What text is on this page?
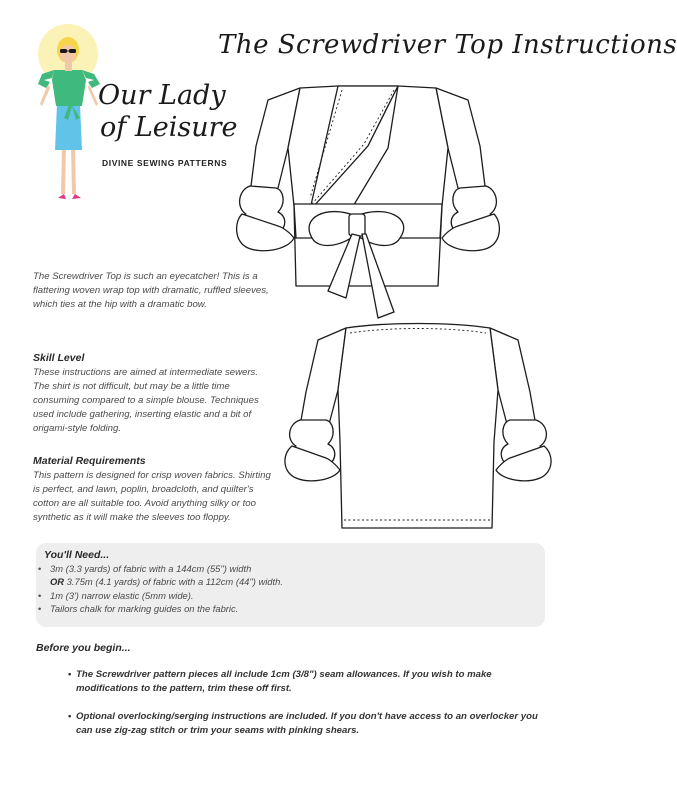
Our Lady
of Leisure
DIVINE SEWING PATTERNS
The Screwdriver Top Instructions
The Screwdriver Top is such an eyecatcher! This is a flattering woven wrap top with dramatic, ruffled sleeves, which ties at the hip with a dramatic bow.
Skill Level
These instructions are aimed at intermediate sewers. The shirt is not difficult, but may be a little time consuming compared to a simple blouse. Techniques used include gathering, inserting elastic and a bit of origami-style folding.
Material Requirements
This pattern is designed for crisp woven fabrics. Shirting is perfect, and lawn, poplin, broadcloth, and quilter's cotton are all suitable too. Avoid anything silky or too synthetic as it will make the sleeves too floppy.
You'll Need...
• 3m (3.3 yards) of fabric with a 144cm (55") width
OR 3.75m (4.1 yards) of fabric with a 112cm (44") width.
• 1m (3') narrow elastic (5mm wide).
• Tailors chalk for marking guides on the fabric.
Before you begin...
• The Screwdriver pattern pieces all include 1cm (3/8") seam allowances. If you wish to make modifications to the pattern, trim these off first.
• Optional overlocking/serging instructions are included. If you don't have access to an overlocker you can use zig-zag stitch or trim your seams with pinking shears.
